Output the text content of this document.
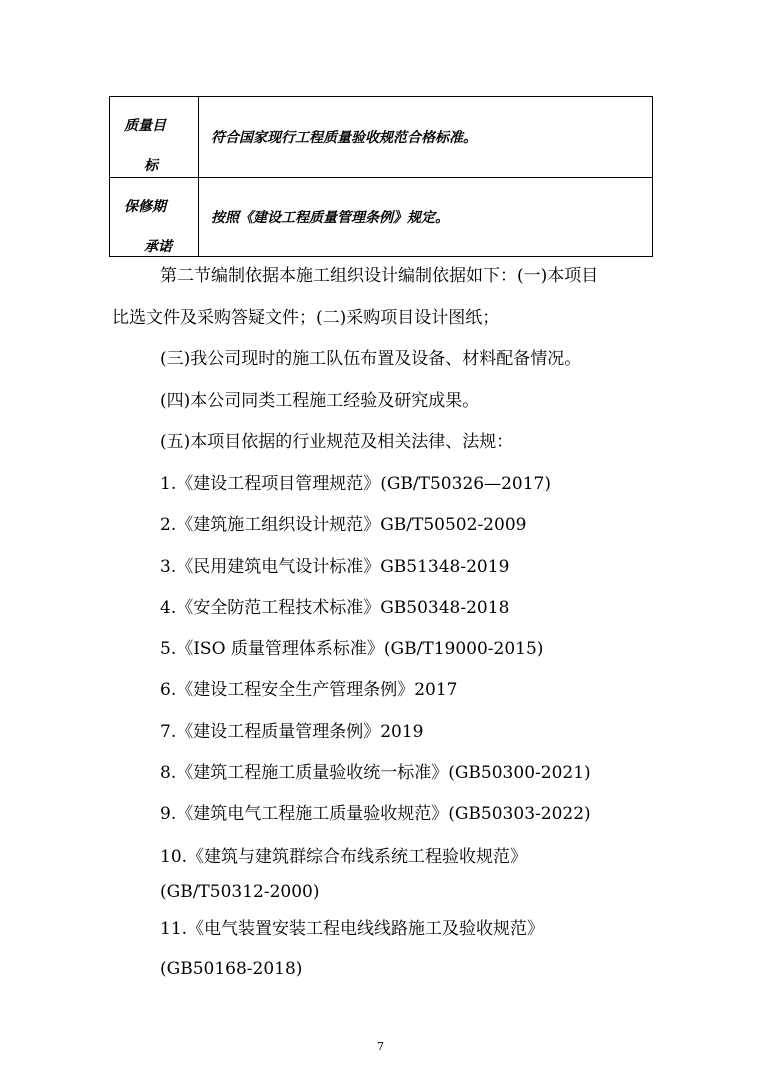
质量目
标	符合国家现行工程质量验收规范合格标准。

保修期
承诺	按照《建设工程质量管理条例》规定。
第二节编制依据本施工组织设计编制依据如下：(一)本项目
比选文件及采购答疑文件；(二)采购项目设计图纸；
(三)我公司现时的施工队伍布置及设备、材料配备情况。
(四)本公司同类工程施工经验及研究成果。
(五)本项目依据的行业规范及相关法律、法规：
1.《建设工程项目管理规范》(GB/T50326—2017)
2.《建筑施工组织设计规范》GB/T50502-2009
3.《民用建筑电气设计标准》GB51348-2019
4.《安全防范工程技术标准》GB50348-2018
5.《ISO 质量管理体系标准》(GB/T19000-2015)
6.《建设工程安全生产管理条例》2017
7.《建设工程质量管理条例》2019
8.《建筑工程施工质量验收统一标准》(GB50300-2021)
9.《建筑电气工程施工质量验收规范》(GB50303-2022)
10.《建筑与建筑群综合布线系统工程验收规范》
(GB/T50312-2000)
11.《电气装置安装工程电线线路施工及验收规范》
(GB50168-2018)
7
